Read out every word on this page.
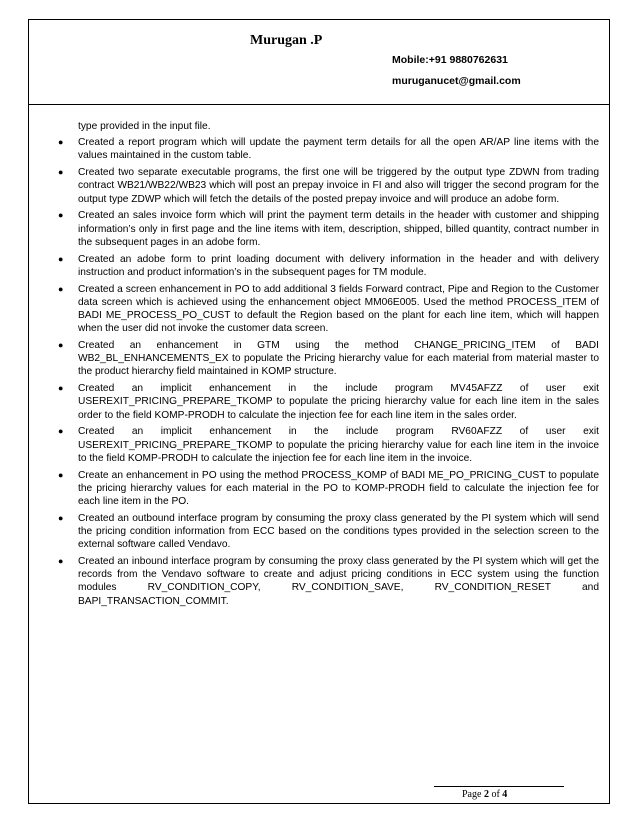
Murugan .P
Mobile:+91 9880762631
muruganucet@gmail.com

type provided in the input file.

● Created a report program which will update the payment term details for all the open AR/AP line items with the values maintained in the custom table.
● Created two separate executable programs, the first one will be triggered by the output type ZDWN from trading contract WB21/WB22/WB23 which will post an prepay invoice in FI and also will trigger the second program for the output type ZDWP which will fetch the details of the posted prepay invoice and will produce an adobe form.
● Created an sales invoice form which will print the payment term details in the header with customer and shipping information’s only in first page and the line items with item, description, shipped, billed quantity, contract number in the subsequent pages in an adobe form.
● Created an adobe form to print loading document with delivery information in the header and with delivery instruction and product information’s in the subsequent pages for TM module.
● Created a screen enhancement in PO to add additional 3 fields Forward contract, Pipe and Region to the Customer data screen which is achieved using the enhancement object MM06E005. Used the method PROCESS_ITEM of BADI ME_PROCESS_PO_CUST to default the Region based on the plant for each line item, which will happen when the user did not invoke the customer data screen.
● Created an enhancement in GTM using the method CHANGE_PRICING_ITEM of BADI WB2_BL_ENHANCEMENTS_EX to populate the Pricing hierarchy value for each material from material master to the product hierarchy field maintained in KOMP structure.
● Created an implicit enhancement in the include program MV45AFZZ of user exit USEREXIT_PRICING_PREPARE_TKOMP to populate the pricing hierarchy value for each line item in the sales order to the field KOMP-PRODH to calculate the injection fee for each line item in the sales order.
● Created an implicit enhancement in the include program RV60AFZZ of user exit USEREXIT_PRICING_PREPARE_TKOMP to populate the pricing hierarchy value for each line item in the invoice to the field KOMP-PRODH to calculate the injection fee for each line item in the invoice.
● Create an enhancement in PO using the method PROCESS_KOMP of BADI ME_PO_PRICING_CUST to populate the pricing hierarchy values for each material in the PO to KOMP-PRODH field to calculate the injection fee for each line item in the PO.
● Created an outbound interface program by consuming the proxy class generated by the PI system which will send the pricing condition information from ECC based on the conditions types provided in the selection screen to the external software called Vendavo.
● Created an inbound interface program by consuming the proxy class generated by the PI system which will get the records from the Vendavo software to create and adjust pricing conditions in ECC system using the function modules RV_CONDITION_COPY, RV_CONDITION_SAVE, RV_CONDITION_RESET and BAPI_TRANSACTION_COMMIT.
Page 2 of 4
